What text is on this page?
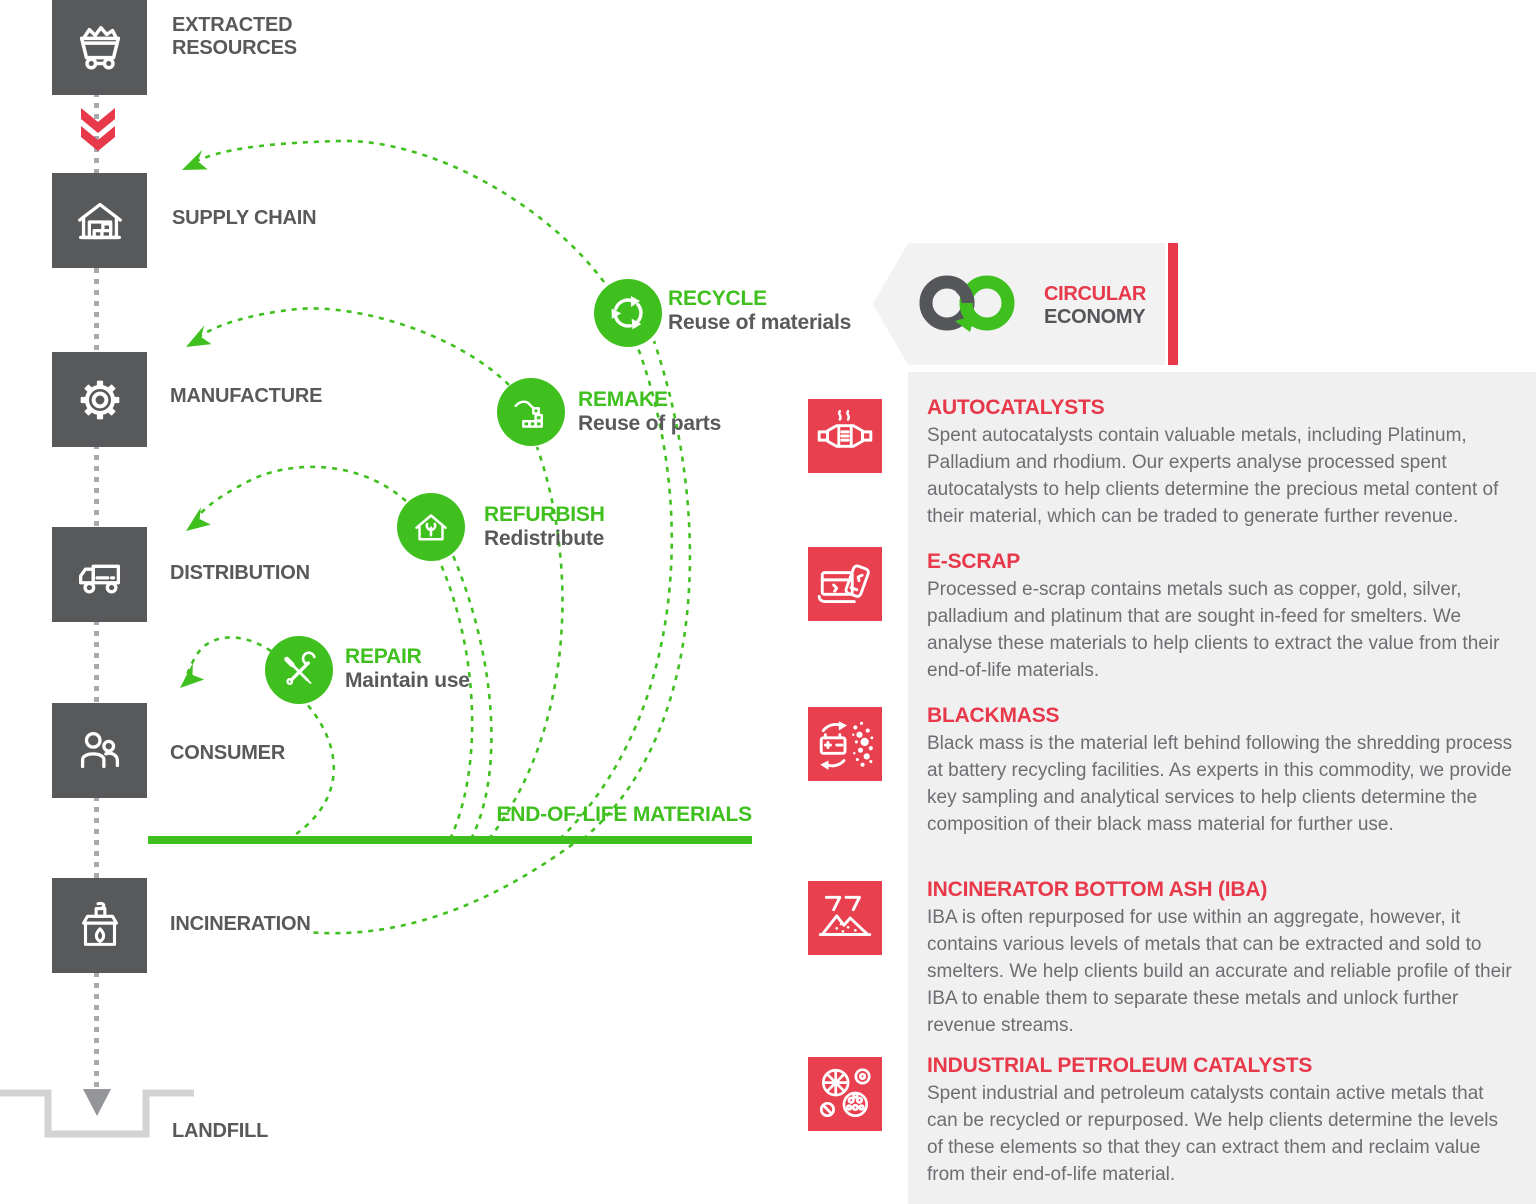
EXTRACTED RESOURCES
SUPPLY CHAIN
MANUFACTURE
DISTRIBUTION
CONSUMER
INCINERATION
LANDFILL
RECYCLE
Reuse of materials
REMAKE
Reuse of parts
REFURBISH
Redistribute
REPAIR
Maintain use
END-OF-LIFE MATERIALS
CIRCULAR
ECONOMY
AUTOCATALYSTS
Spent autocatalysts contain valuable metals, including Platinum, Palladium and rhodium. Our experts analyse processed spent autocatalysts to help clients determine the precious metal content of their material, which can be traded to generate further revenue.
E-SCRAP
Processed e-scrap contains metals such as copper, gold, silver, palladium and platinum that are sought in-feed for smelters. We analyse these materials to help clients to extract the value from their end-of-life materials.
BLACKMASS
Black mass is the material left behind following the shredding process at battery recycling facilities. As experts in this commodity, we provide key sampling and analytical services to help clients determine the composition of their black mass material for further use.
INCINERATOR BOTTOM ASH (IBA)
IBA is often repurposed for use within an aggregate, however, it contains various levels of metals that can be extracted and sold to smelters. We help clients build an accurate and reliable profile of their IBA to enable them to separate these metals and unlock further revenue streams.
INDUSTRIAL PETROLEUM CATALYSTS
Spent industrial and petroleum catalysts contain active metals that can be recycled or repurposed. We help clients determine the levels of these elements so that they can extract them and reclaim value from their end-of-life material.
